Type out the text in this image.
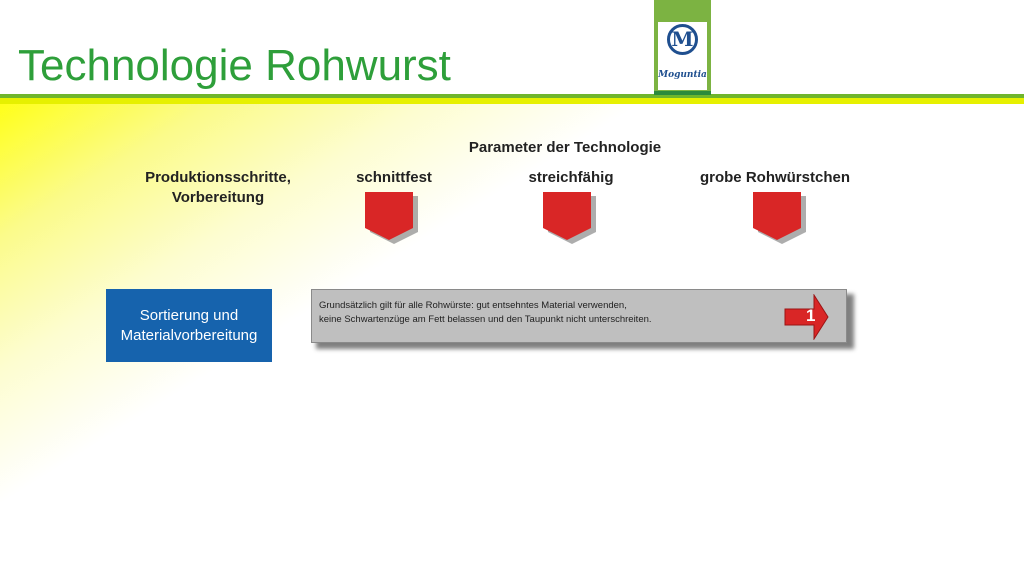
Technologie Rohwurst
M
Moguntia
Parameter der Technologie
Produktionsschritte,
Vorbereitung
schnittfest	streichfähig	grobe Rohwürstchen
Sortierung und
Materialvorbereitung
Grundsätzlich gilt für alle Rohwürste: gut entsehntes Material verwenden,
keine Schwartenzüge am Fett belassen und den Taupunkt nicht unterschreiten.	1
